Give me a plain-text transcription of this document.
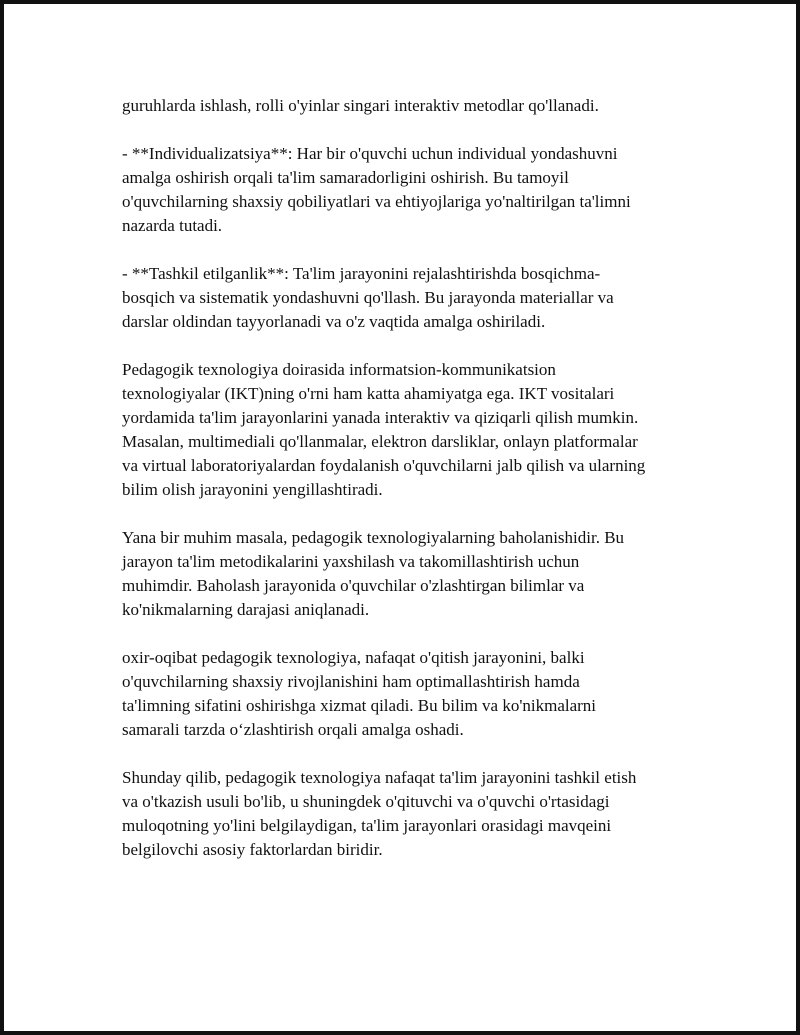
guruhlarda ishlash, rolli o'yinlar singari interaktiv metodlar qo'llanadi.

- **Individualizatsiya**: Har bir o'quvchi uchun individual yondashuvni
amalga oshirish orqali ta'lim samaradorligini oshirish. Bu tamoyil
o'quvchilarning shaxsiy qobiliyatlari va ehtiyojlariga yo'naltirilgan ta'limni
nazarda tutadi.

- **Tashkil etilganlik**: Ta'lim jarayonini rejalashtirishda bosqichma-
bosqich va sistematik yondashuvni qo'llash. Bu jarayonda materiallar va
darslar oldindan tayyorlanadi va o'z vaqtida amalga oshiriladi.

Pedagogik texnologiya doirasida informatsion-kommunikatsion
texnologiyalar (IKT)ning o'rni ham katta ahamiyatga ega. IKT vositalari
yordamida ta'lim jarayonlarini yanada interaktiv va qiziqarli qilish mumkin.
Masalan, multimediali qo'llanmalar, elektron darsliklar, onlayn platformalar
va virtual laboratoriyalardan foydalanish o'quvchilarni jalb qilish va ularning
bilim olish jarayonini yengillashtiradi.

Yana bir muhim masala, pedagogik texnologiyalarning baholanishidir. Bu
jarayon ta'lim metodikalarini yaxshilash va takomillashtirish uchun
muhimdir. Baholash jarayonida o'quvchilar o'zlashtirgan bilimlar va
ko'nikmalarning darajasi aniqlanadi.

oxir-oqibat pedagogik texnologiya, nafaqat o'qitish jarayonini, balki
o'quvchilarning shaxsiy rivojlanishini ham optimallashtirish hamda
ta'limning sifatini oshirishga xizmat qiladi. Bu bilim va ko'nikmalarni
samarali tarzda o‘zlashtirish orqali amalga oshadi.

Shunday qilib, pedagogik texnologiya nafaqat ta'lim jarayonini tashkil etish
va o'tkazish usuli bo'lib, u shuningdek o'qituvchi va o'quvchi o'rtasidagi
muloqotning yo'lini belgilaydigan, ta'lim jarayonlari orasidagi mavqeini
belgilovchi asosiy faktorlardan biridir.
